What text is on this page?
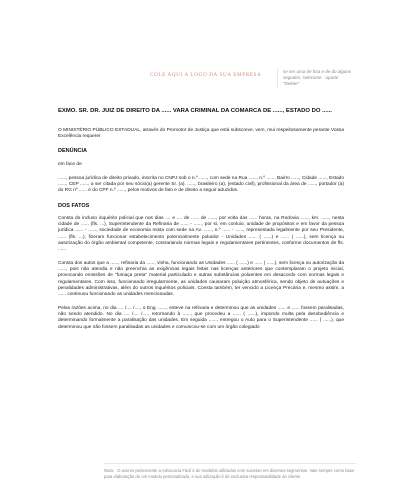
COLE AQUI A LOGO DA SUA EMPRESA
se ser uma de hoa e de do alguns segudes, selecione - aparte "Delete"

EXMO. SR. DR. JUIZ DE DIREITO DA ...... VARA CRIMINAL DA COMARCA DE ......, ESTADO DO ......

O MINISTÉRIO PÚBLICO ESTADUAL, através do Promotor de Justiça que está subscreve, vem, mui respeitosamente perante Vossa Excelência requerer

DENÚNCIA

em face de

......, pessoa jurídica de direito privado, inscrita no CNPJ sob o n.º ......, com sede na Rua ......, n.º ......, Bairro ......, Cidade ......, Estado ......, CEP ......, a ser citada por seu sócio(a) gerente Sr. (a). ......, brasileiro (a), (estado civil), profissional da área de ......, portador (a) do RG nº ...... e do CPF n.º ......, pelos motivos de fato e de direito a seguir aduzidos.

DOS FATOS

Consta do incluso inquérito policial que nos dias .... e .... de ...... de ......, por volta das ...... horas, na Rodovia ......, km. ......, nesta cidade de ...... (fls. ...), Superintendente da Refinaria de ...... - ......, por si, em conluio, unidade de propósitos e em favor da pessoa jurídica ...... - ......, sociedade de economia mista com sede na Av. ......, n.º ...... - ......, representada legalmente por seu Presidente, ...... (fls. ...), fizeram funcionar estabelecimento potencialmente poluidor - Unidades ...... ( ......) e ...... ( ......), sem licença ou autorização do órgão ambiental competente, contrariando normas legais e regulamentares pertinentes, conforme documentos de fls. ......

Consta dos autos que a ......, refinaria da ......, vinha, funcionando as Unidades ...... ( ......) e ...... ( ......), sem licença ou autorização da ......, pois não atendia e não preenchia as exigências legais feitas nas licenças anteriores que contemplaram o projeto inicial, provocando emissões de "fumaça preta" material particulado e outras substâncias poluentes em desacordo com normas legais e regulamentares. Com isso, funcionando irregularmente, as unidades causaram poluição atmosférica, sendo objeto de autuações e penalidades administrativas, além do outros inquéritos policiais. Consta também, ter vencido a Licença Precária e, mesmo assim, a ...... continuou funcionando as unidades mencionadas.

Pelas razões acima, no dia .... /.... /...., o Eng. ......, esteve na refinaria e determinou que as unidades ...... e ...... fossem paralisadas, não sendo atendido. No dia .... /.... /...., retornando à ......, que procedeu a ...... ( ......), impondo multa pela desobediência e determinando formalmente a paralisação das unidades. Em seguida ......, entregou o Auto para o Superintendente ...... ( ......), que determinou que não fossem paralisadas as unidades e comunicou-se com um órgão colegiado

Nota: O acervo pertencente a Advocacia Fácil é de modelos utilizados com sucesso em diversos segmentos. Vale sempre como base para elaboração de um modelo personalizado, e sua utilização é de exclusiva responsabilidade do cliente.
